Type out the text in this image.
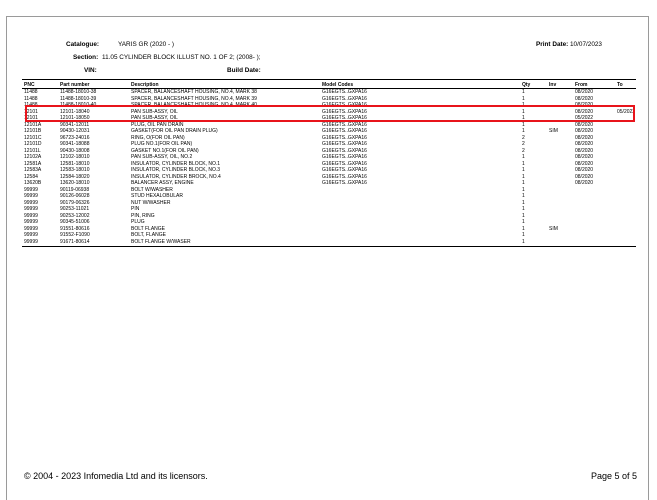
Catalogue:	YARIS GR (2020 - )	Print Date: 10/07/2023
Section: 11.05 CYLINDER BLOCK ILLUST NO. 1 OF 2; (2008- );
VIN:	Build Date:
PNC	Part number	Description	Model Codes	Qty	Inv	From	To
11488	11488-18010-38	SPACER, BALANCESHAFT HOUSING, NO.4, MARK 38	G16EGTS..GXPA16	1	08/2020
11488	11488-18010-39	SPACER, BALANCESHAFT HOUSING, NO.4, MARK 39	G16EGTS..GXPA16	1	08/2020
11488	11488-18010-40	SPACER, BALANCESHAFT HOUSING, NO.4, MARK 40	G16EGTS..GXPA16	1	08/2020
12101	12101-18040	PAN SUB-ASSY, OIL	G16EGTS..GXPA16	1	08/2020	05/2022
12101	12101-18050	PAN SUB-ASSY, OIL	G16EGTS..GXPA16	1	05/2022
12101A	90341-12011	PLUG, OIL PAN DRAIN	G16EGTS..GXPA16	1	08/2020
12101B	90430-12031	GASKET(FOR OIL PAN DRAIN PLUG)	G16EGTS..GXPA16	1	SIM	08/2020
12101C	96723-24016	RING, O(FOR OIL PAN)	G16EGTS..GXPA16	2	08/2020
12101D	90341-18088	PLUG NO.1(FOR OIL PAN)	G16EGTS..GXPA16	2	08/2020
12101L	90430-18008	GASKET NO.1(FOR OIL PAN)	G16EGTS..GXPA16	2	08/2020
12102A	12102-18010	PAN SUB-ASSY, OIL, NO.2	G16EGTS..GXPA16	1	08/2020
12581A	12581-18010	INSULATOR, CYLINDER BLOCK, NO.1	G16EGTS..GXPA16	1	08/2020
12583A	12583-18010	INSULATOR, CYLINDER BLOCK, NO.3	G16EGTS..GXPA16	1	08/2020
12584	12584-18020	INSULATOR, CYLINDER BROCK, NO.4	G16EGTS..GXPA16	1	08/2020
13620B	13620-18010	BALANCER ASSY, ENGINE	G16EGTS..GXPA16	1	08/2020
99999	90119-06938	BOLT W/WASHER	1
99999	90126-06028	STUD HEXALOBULAR	1
99999	90179-06326	NUT W/WASHER	1
99999	90253-11021	PIN	1
99999	90253-12002	PIN, RING	1
99999	90345-51006	PLUG	1
99999	91551-80616	BOLT FLANGE	1	SIM
99999	91552-F1090	BOLT, FLANGE	1
99999	91671-80614	BOLT FLANGE W/WASER	1
© 2004 - 2023 Infomedia Ltd and its licensors.	Page 5 of 5
